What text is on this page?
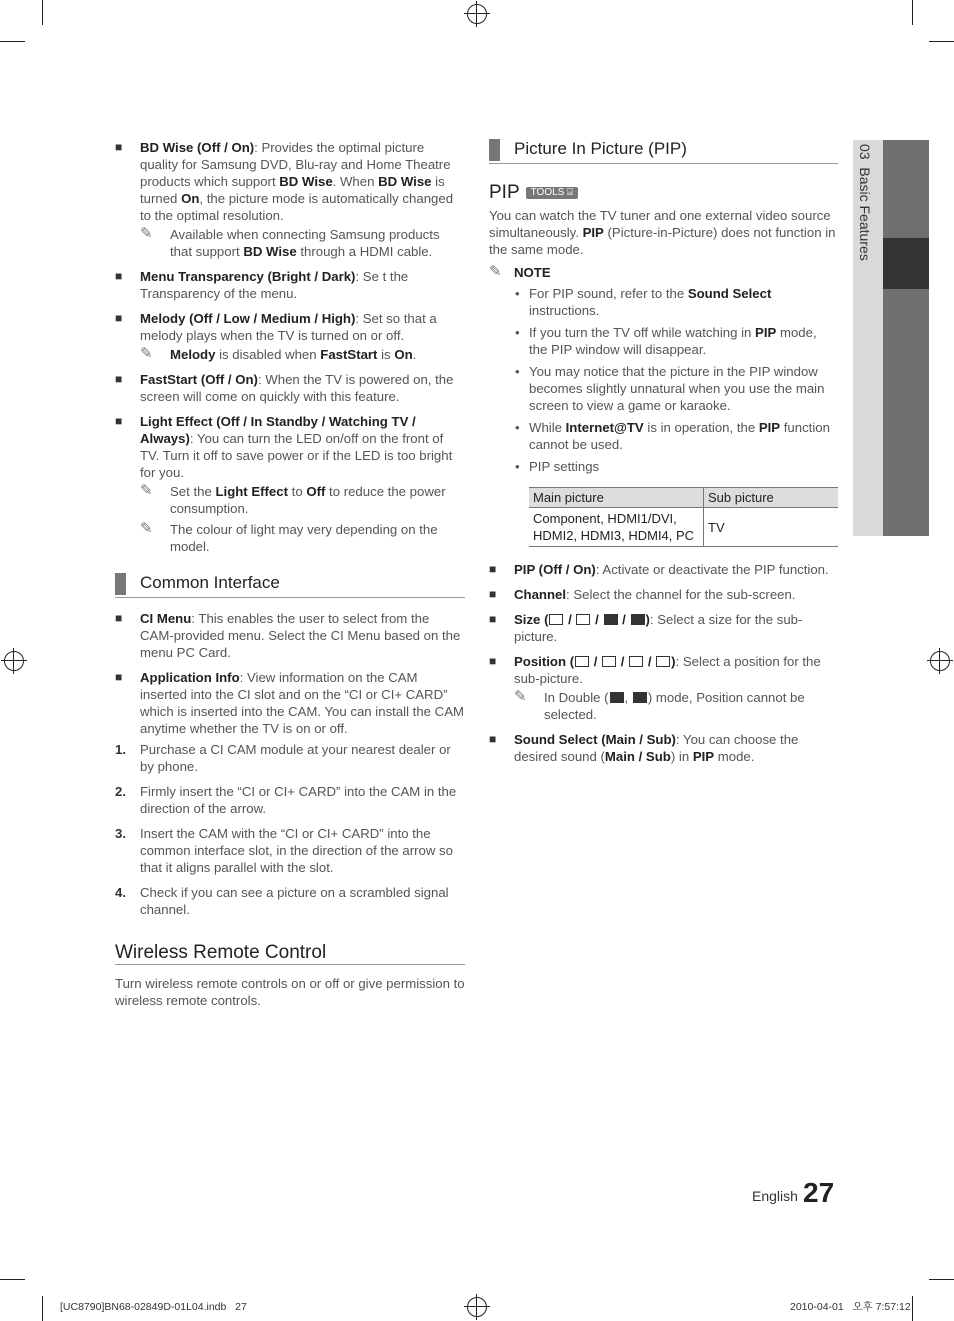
03  Basic Features
■ BD Wise (Off / On): Provides the optimal picture quality for Samsung DVD, Blu-ray and Home Theatre products which support BD Wise. When BD Wise is turned On, the picture mode is automatically changed to the optimal resolution.
✎ Available when connecting Samsung products that support BD Wise through a HDMI cable.
■ Menu Transparency (Bright / Dark): Se t the Transparency of the menu.
■ Melody (Off / Low / Medium / High): Set so that a melody plays when the TV is turned on or off.
✎ Melody is disabled when FastStart is On.
■ FastStart (Off / On): When the TV is powered on, the screen will come on quickly with this feature.
■ Light Effect (Off / In Standby / Watching TV / Always): You can turn the LED on/off on the front of TV. Turn it off to save power or if the LED is too bright for you.
✎ Set the Light Effect to Off to reduce the power consumption.
✎ The colour of light may very depending on the model.
Common Interface
■ CI Menu: This enables the user to select from the CAM-provided menu. Select the CI Menu based on the menu PC Card.
■ Application Info: View information on the CAM inserted into the CI slot and on the “CI or CI+ CARD” which is inserted into the CAM. You can install the CAM anytime whether the TV is on or off.
1. Purchase a CI CAM module at your nearest dealer or by phone.
2. Firmly insert the “CI or CI+ CARD” into the CAM in the direction of the arrow.
3. Insert the CAM with the “CI or CI+ CARD” into the common interface slot, in the direction of the arrow so that it aligns parallel with the slot.
4. Check if you can see a picture on a scrambled signal channel.
Wireless Remote Control
Turn wireless remote controls on or off or give permission to wireless remote controls.
Picture In Picture (PIP)
PIP TOOLS ⌸
You can watch the TV tuner and one external video source simultaneously. PIP (Picture-in-Picture) does not function in the same mode.
✎ NOTE
• For PIP sound, refer to the Sound Select instructions.
• If you turn the TV off while watching in PIP mode, the PIP window will disappear.
• You may notice that the picture in the PIP window becomes slightly unnatural when you use the main screen to view a game or karaoke.
• While Internet@TV is in operation, the PIP function cannot be used.
• PIP settings
Main picture	Sub picture
Component, HDMI1/DVI, HDMI2, HDMI3, HDMI4, PC	TV
■ PIP (Off / On): Activate or deactivate the PIP function.
■ Channel: Select the channel for the sub-screen.
■ Size ( / / / ): Select a size for the sub-picture.
■ Position ( / / / ): Select a position for the sub-picture.
✎ In Double ( , ) mode, Position cannot be selected.
■ Sound Select (Main / Sub): You can choose the desired sound (Main / Sub) in PIP mode.
English 27
[UC8790]BN68-02849D-01L04.indb   27	2010-04-01   오후 7:57:12
